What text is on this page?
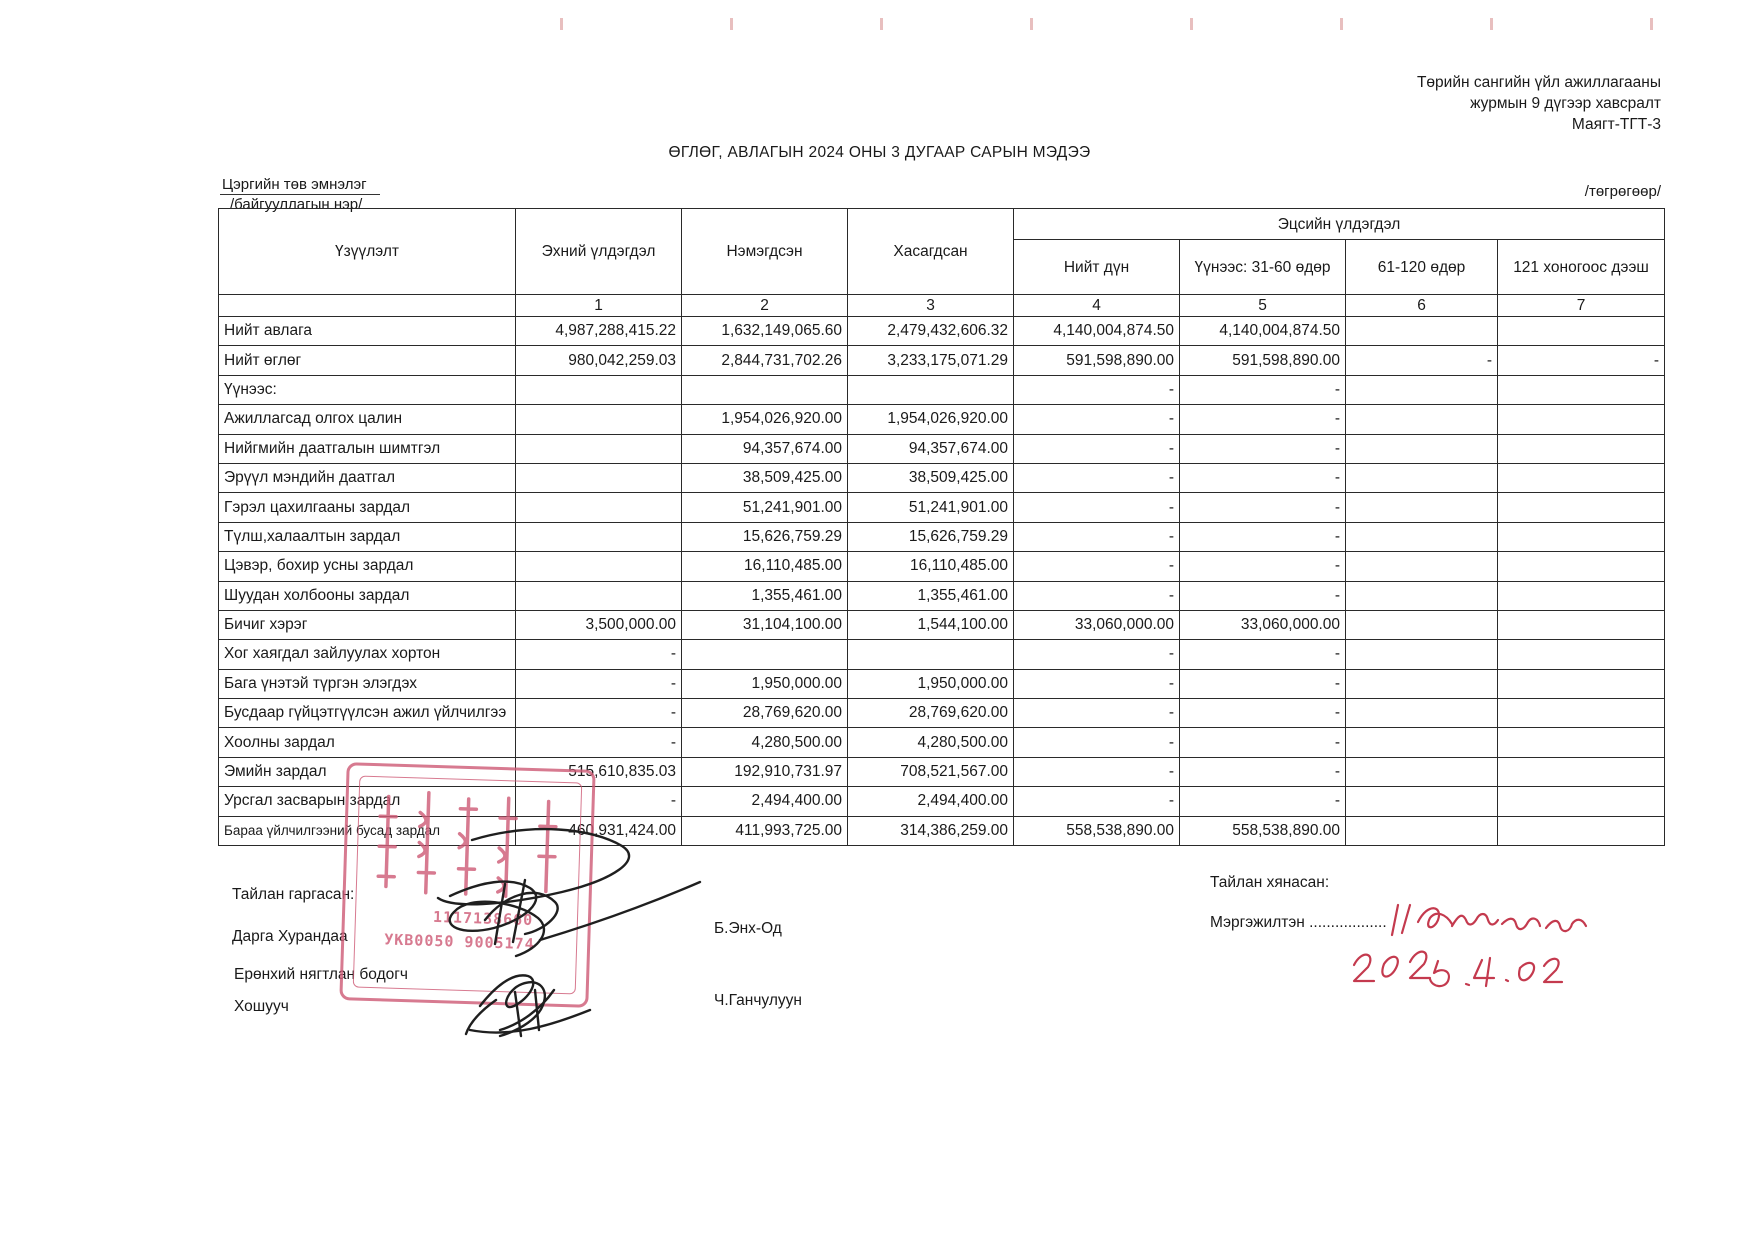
Төрийн сангийн үйл ажиллагааны
журмын 9 дүгээр хавсралт
Маягт-ТГТ-3
ӨГЛӨГ, АВЛАГЫН 2024 ОНЫ 3 ДУГААР САРЫН МЭДЭЭ
Цэргийн төв эмнэлэг
/байгууллагын нэр/
/төгрөгөөр/
Үзүүлэлт	Эхний үлдэгдэл	Нэмэгдсэн	Хасагдсан	Эцсийн үлдэгдэл			
				Нийт дүн	Үүнээс: 31-60 өдөр	61-120 өдөр	121 хоногоос дээш
	1	2	3	4	5	6	7
Нийт авлага	4,987,288,415.22	1,632,149,065.60	2,479,432,606.32	4,140,004,874.50	4,140,004,874.50		
Нийт өглөг	980,042,259.03	2,844,731,702.26	3,233,175,071.29	591,598,890.00	591,598,890.00	-	-
Үүнээс:				-	-		
Ажиллагсад олгох цалин		1,954,026,920.00	1,954,026,920.00	-	-		
Нийгмийн даатгалын шимтгэл		94,357,674.00	94,357,674.00	-	-		
Эрүүл мэндийн даатгал		38,509,425.00	38,509,425.00	-	-		
Гэрэл цахилгааны зардал		51,241,901.00	51,241,901.00	-	-		
Түлш,халаалтын зардал		15,626,759.29	15,626,759.29	-	-		
Цэвэр, бохир усны зардал		16,110,485.00	16,110,485.00	-	-		
Шуудан холбооны зардал		1,355,461.00	1,355,461.00	-	-		
Бичиг хэрэг	3,500,000.00	31,104,100.00	1,544,100.00	33,060,000.00	33,060,000.00		
Хог хаягдал зайлуулах хортон	-			-	-		
Бага үнэтэй түргэн элэгдэх	-	1,950,000.00	1,950,000.00	-	-		
Бусдаар гүйцэтгүүлсэн ажил үйлчилгээ	-	28,769,620.00	28,769,620.00	-	-		
Хоолны зардал	-	4,280,500.00	4,280,500.00	-	-		
Эмийн зардал	515,610,835.03	192,910,731.97	708,521,567.00	-	-		
Урсгал засварын зардал	-	2,494,400.00	2,494,400.00	-	-		
Бараа үйлчилгээний бусад зардал	460,931,424.00	411,993,725.00	314,386,259.00	558,538,890.00	558,538,890.00		
Тайлан гаргасан:
Дарга Хурандаа	Б.Энх-Од
Ерөнхий нягтлан бодогч
Хошууч	Ч.Ганчулуун
Тайлан хянасан:
Мэргэжилтэн ..................
1117138660
УКВ0050 9005174
